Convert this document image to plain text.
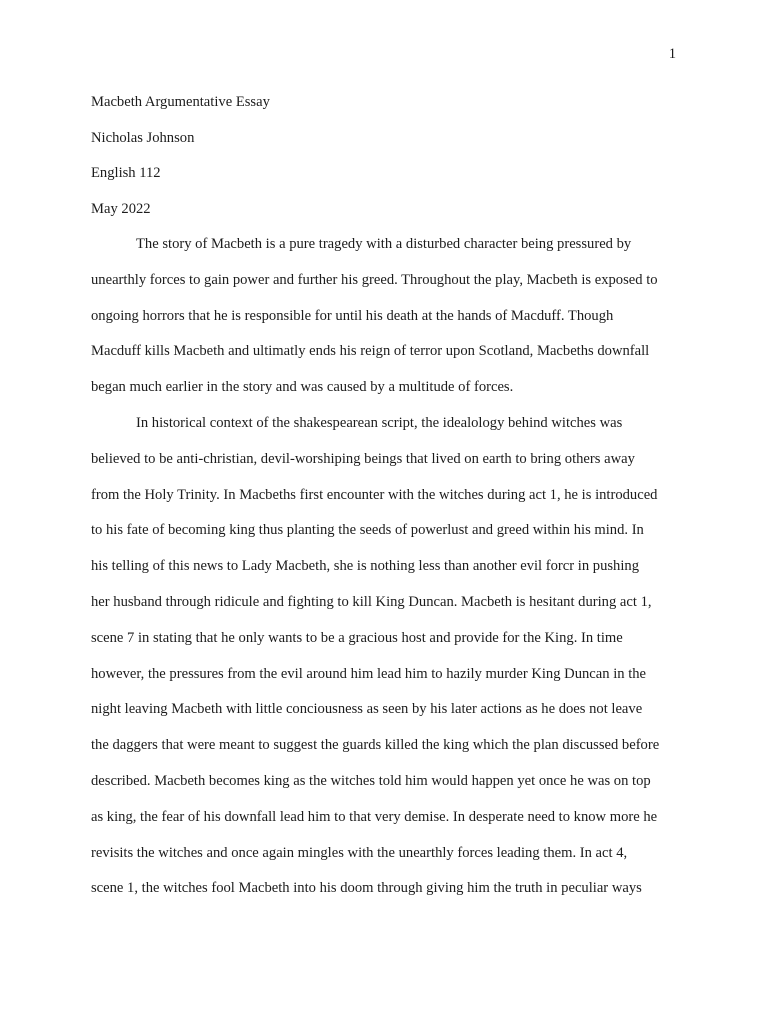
1
Macbeth Argumentative Essay
Nicholas Johnson
English 112
May 2022
The story of Macbeth is a pure tragedy with a disturbed character being pressured by
unearthly forces to gain power and further his greed. Throughout the play, Macbeth is exposed to
ongoing horrors that he is responsible for until his death at the hands of Macduff. Though
Macduff kills Macbeth and ultimatly ends his reign of terror upon Scotland, Macbeths downfall
began much earlier in the story and was caused by a multitude of forces.
In historical context of the shakespearean script, the idealology behind witches was
believed to be anti-christian, devil-worshiping beings that lived on earth to bring others away
from the Holy Trinity. In Macbeths first encounter with the witches during act 1, he is introduced
to his fate of becoming king thus planting the seeds of powerlust and greed within his mind. In
his telling of this news to Lady Macbeth, she is nothing less than another evil forcr in pushing
her husband through ridicule and fighting to kill King Duncan. Macbeth is hesitant during act 1,
scene 7 in stating that he only wants to be a gracious host and provide for the King. In time
however, the pressures from the evil around him lead him to hazily murder King Duncan in the
night leaving Macbeth with little conciousness as seen by his later actions as he does not leave
the daggers that were meant to suggest the guards killed the king which the plan discussed before
described. Macbeth becomes king as the witches told him would happen yet once he was on top
as king, the fear of his downfall lead him to that very demise. In desperate need to know more he
revisits the witches and once again mingles with the unearthly forces leading them. In act 4,
scene 1, the witches fool Macbeth into his doom through giving him the truth in peculiar ways
